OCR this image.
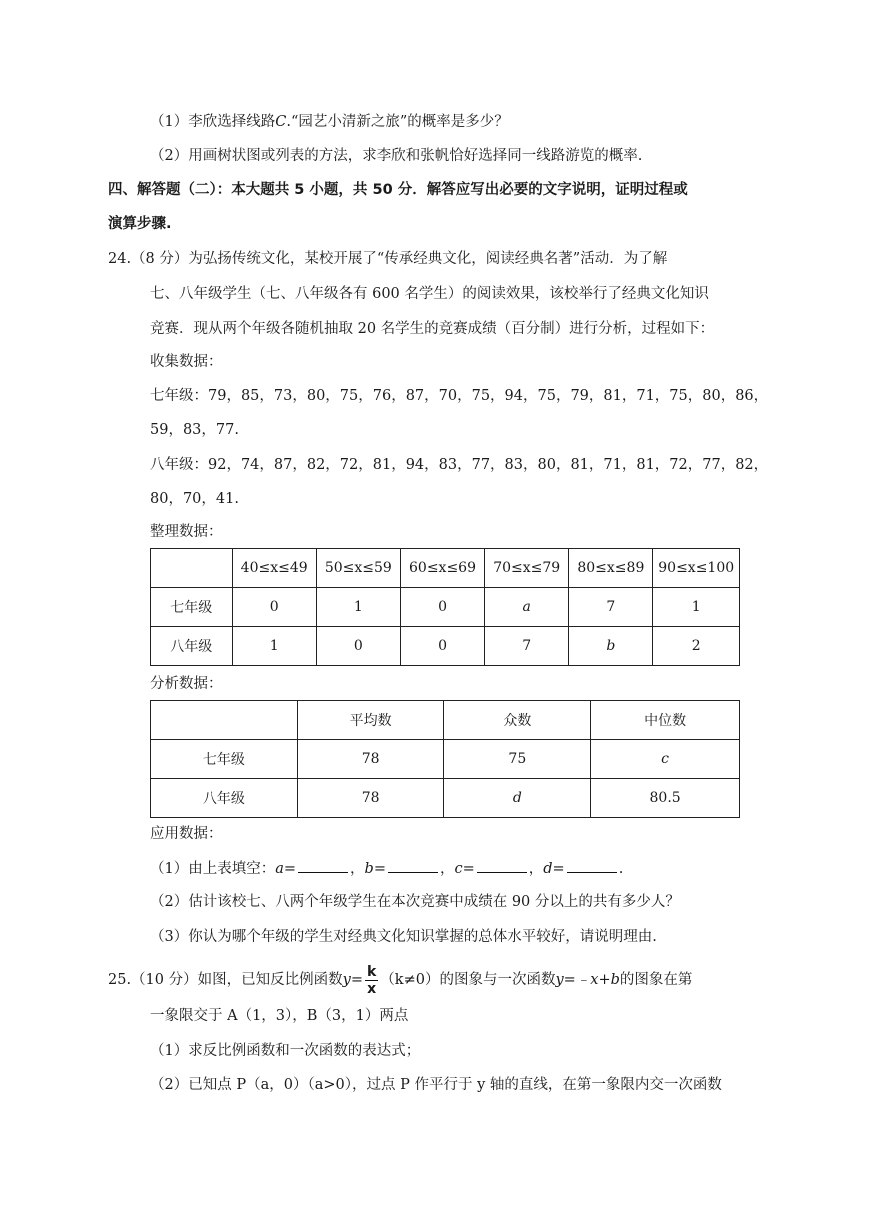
（1）李欣选择线路C.“园艺小清新之旅”的概率是多少？
（2）用画树状图或列表的方法，求李欣和张帆恰好选择同一线路游览的概率.
四、解答题（二）：本大题共 5 小题，共 50 分．解答应写出必要的文字说明，证明过程或
演算步骤.
24.（8 分）为弘扬传统文化，某校开展了“传承经典文化，阅读经典名著”活动．为了解
七、八年级学生（七、八年级各有 600 名学生）的阅读效果，该校举行了经典文化知识
竞赛．现从两个年级各随机抽取 20 名学生的竞赛成绩（百分制）进行分析，过程如下：
收集数据：
七年级：79，85，73，80，75，76，87，70，75，94，75，79，81，71，75，80，86，
59，83，77.
八年级：92，74，87，82，72，81，94，83，77，83，80，81，71，81，72，77，82，
80，70，41.
整理数据：
	40≤x≤49	50≤x≤59	60≤x≤69	70≤x≤79	80≤x≤89	90≤x≤100
七年级	0	1	0	a	7	1
八年级	1	0	0	7	b	2
分析数据：
	平均数	众数	中位数
七年级	78	75	c
八年级	78	d	80.5
应用数据：
（1）由上表填空：a=	，b=	，c=	，d=	.
（2）估计该校七、八两个年级学生在本次竞赛中成绩在 90 分以上的共有多少人？
（3）你认为哪个年级的学生对经典文化知识掌握的总体水平较好，请说明理由.
25.（10 分）如图，已知反比例函数$y= \frac{k}{x} (k\ne 0)$的图象与一次函数y=﹣x+b的图象在第
一象限交于 A（1，3），B（3，1）两点
（1）求反比例函数和一次函数的表达式；
（2）已知点 P（a，0）（a>0），过点 P 作平行于 y 轴的直线，在第一象限内交一次函数
